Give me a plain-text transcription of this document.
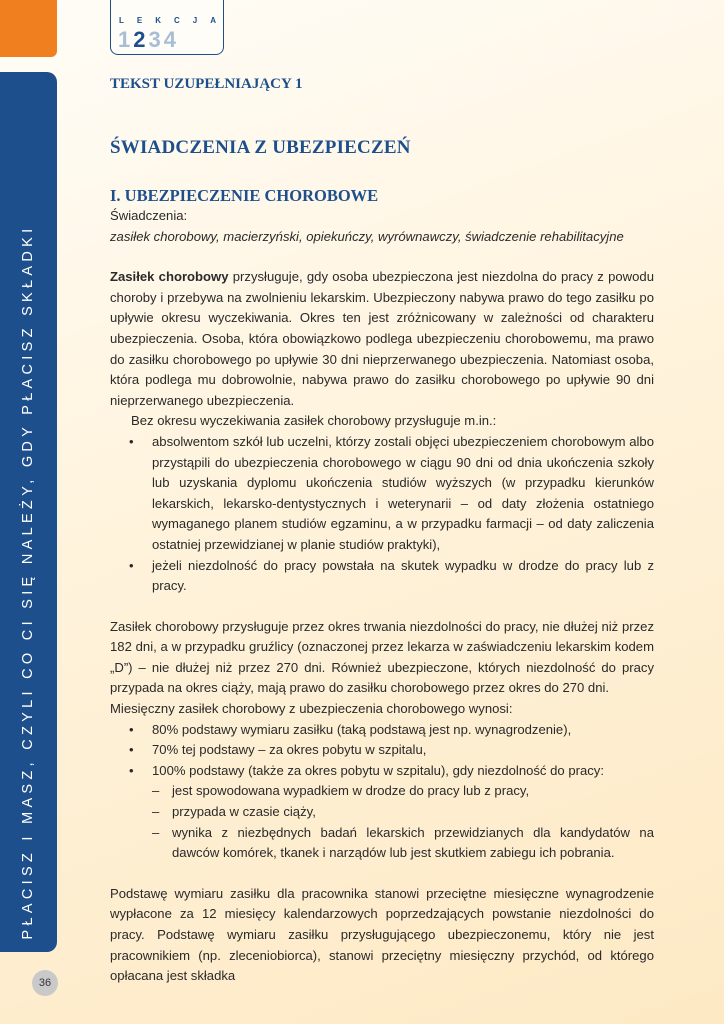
PŁACISZ I MASZ, CZYLI CO CI SIĘ NALEŻY, GDY PŁACISZ SKŁADKI
36
LEKCJA
1234
TEKST UZUPEŁNIAJĄCY 1
ŚWIADCZENIA Z UBEZPIECZEŃ
I. UBEZPIECZENIE CHOROBOWE

Świadczenia:

zasiłek chorobowy, macierzyński, opiekuńczy, wyrównawczy, świadczenie rehabilitacyjne

Zasiłek chorobowy przysługuje, gdy osoba ubezpieczona jest niezdolna do pracy z powodu choroby i przebywa na zwolnieniu lekarskim. Ubezpieczony nabywa prawo do tego zasiłku po upływie okresu wyczekiwania. Okres ten jest zróżnicowany w zależności od charakteru ubezpieczenia. Osoba, która obowiązkowo podlega ubezpieczeniu chorobowemu, ma prawo do zasiłku chorobowego po upływie 30 dni nieprzerwanego ubezpieczenia. Natomiast osoba, która podlega mu dobrowolnie, nabywa prawo do zasiłku chorobowego po upływie 90 dni nieprzerwanego ubezpieczenia.

Bez okresu wyczekiwania zasiłek chorobowy przysługuje m.in.:

• absolwentom szkół lub uczelni, którzy zostali objęci ubezpieczeniem chorobowym albo przystąpili do ubezpieczenia chorobowego w ciągu 90 dni od dnia ukończenia szkoły lub uzyskania dyplomu ukończenia studiów wyższych (w przypadku kierunków lekarskich, lekarsko-dentystycznych i weterynarii – od daty złożenia ostatniego wymaganego planem studiów egzaminu, a w przypadku farmacji – od daty zaliczenia ostatniej przewidzianej w planie studiów praktyki),
• jeżeli niezdolność do pracy powstała na skutek wypadku w drodze do pracy lub z pracy.

Zasiłek chorobowy przysługuje przez okres trwania niezdolności do pracy, nie dłużej niż przez 182 dni, a w przypadku gruźlicy (oznaczonej przez lekarza w zaświadczeniu lekarskim kodem „D”) – nie dłużej niż przez 270 dni. Również ubezpieczone, których niezdolność do pracy przypada na okres ciąży, mają prawo do zasiłku chorobowego przez okres do 270 dni.

Miesięczny zasiłek chorobowy z ubezpieczenia chorobowego wynosi:

• 80% podstawy wymiaru zasiłku (taką podstawą jest np. wynagrodzenie),
• 70% tej podstawy – za okres pobytu w szpitalu,
• 100% podstawy (także za okres pobytu w szpitalu), gdy niezdolność do pracy:
– jest spowodowana wypadkiem w drodze do pracy lub z pracy,
– przypada w czasie ciąży,
– wynika z niezbędnych badań lekarskich przewidzianych dla kandydatów na dawców komórek, tkanek i narządów lub jest skutkiem zabiegu ich pobrania.

Podstawę wymiaru zasiłku dla pracownika stanowi przeciętne miesięczne wynagrodzenie wypłacone za 12 miesięcy kalendarzowych poprzedzających powstanie niezdolności do pracy. Podstawę wymiaru zasiłku przysługującego ubezpieczonemu, który nie jest pracownikiem (np. zleceniobiorca), stanowi przeciętny miesięczny przychód, od którego opłacana jest składka
